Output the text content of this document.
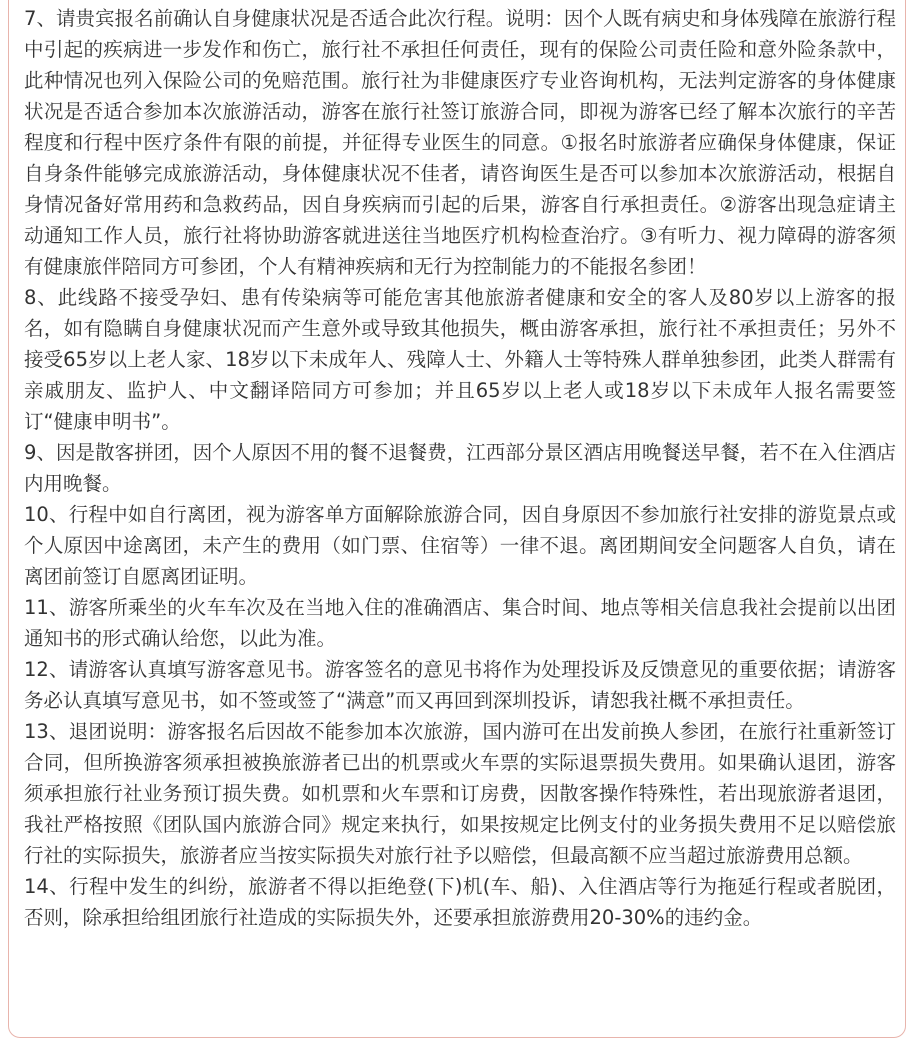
7、请贵宾报名前确认自身健康状况是否适合此次行程。说明：因个人既有病史和身体残障在旅游行程中引起的疾病进一步发作和伤亡，旅行社不承担任何责任，现有的保险公司责任险和意外险条款中，此种情况也列入保险公司的免赔范围。旅行社为非健康医疗专业咨询机构，无法判定游客的身体健康状况是否适合参加本次旅游活动，游客在旅行社签订旅游合同，即视为游客已经了解本次旅行的辛苦程度和行程中医疗条件有限的前提，并征得专业医生的同意。①报名时旅游者应确保身体健康，保证自身条件能够完成旅游活动，身体健康状况不佳者，请咨询医生是否可以参加本次旅游活动，根据自身情况备好常用药和急救药品，因自身疾病而引起的后果，游客自行承担责任。②游客出现急症请主动通知工作人员，旅行社将协助游客就进送往当地医疗机构检查治疗。③有听力、视力障碍的游客须有健康旅伴陪同方可参团，个人有精神疾病和无行为控制能力的不能报名参团！

8、此线路不接受孕妇、患有传染病等可能危害其他旅游者健康和安全的客人及80岁以上游客的报名，如有隐瞒自身健康状况而产生意外或导致其他损失，概由游客承担，旅行社不承担责任；另外不接受65岁以上老人家、18岁以下未成年人、残障人士、外籍人士等特殊人群单独参团，此类人群需有亲戚朋友、监护人、中文翻译陪同方可参加；并且65岁以上老人或18岁以下未成年人报名需要签订“健康申明书”。

9、因是散客拼团，因个人原因不用的餐不退餐费，江西部分景区酒店用晚餐送早餐，若不在入住酒店内用晚餐。

10、行程中如自行离团，视为游客单方面解除旅游合同，因自身原因不参加旅行社安排的游览景点或个人原因中途离团，未产生的费用（如门票、住宿等）一律不退。离团期间安全问题客人自负，请在离团前签订自愿离团证明。

11、游客所乘坐的火车车次及在当地入住的准确酒店、集合时间、地点等相关信息我社会提前以出团通知书的形式确认给您，以此为准。

12、请游客认真填写游客意见书。游客签名的意见书将作为处理投诉及反馈意见的重要依据；请游客务必认真填写意见书，如不签或签了“满意”而又再回到深圳投诉，请恕我社概不承担责任。

13、退团说明：游客报名后因故不能参加本次旅游，国内游可在出发前换人参团，在旅行社重新签订合同，但所换游客须承担被换旅游者已出的机票或火车票的实际退票损失费用。如果确认退团，游客须承担旅行社业务预订损失费。如机票和火车票和订房费，因散客操作特殊性，若出现旅游者退团，我社严格按照《团队国内旅游合同》规定来执行，如果按规定比例支付的业务损失费用不足以赔偿旅行社的实际损失，旅游者应当按实际损失对旅行社予以赔偿，但最高额不应当超过旅游费用总额。

14、行程中发生的纠纷，旅游者不得以拒绝登(下)机(车、船)、入住酒店等行为拖延行程或者脱团，否则，除承担给组团旅行社造成的实际损失外，还要承担旅游费用20-30%的违约金。
